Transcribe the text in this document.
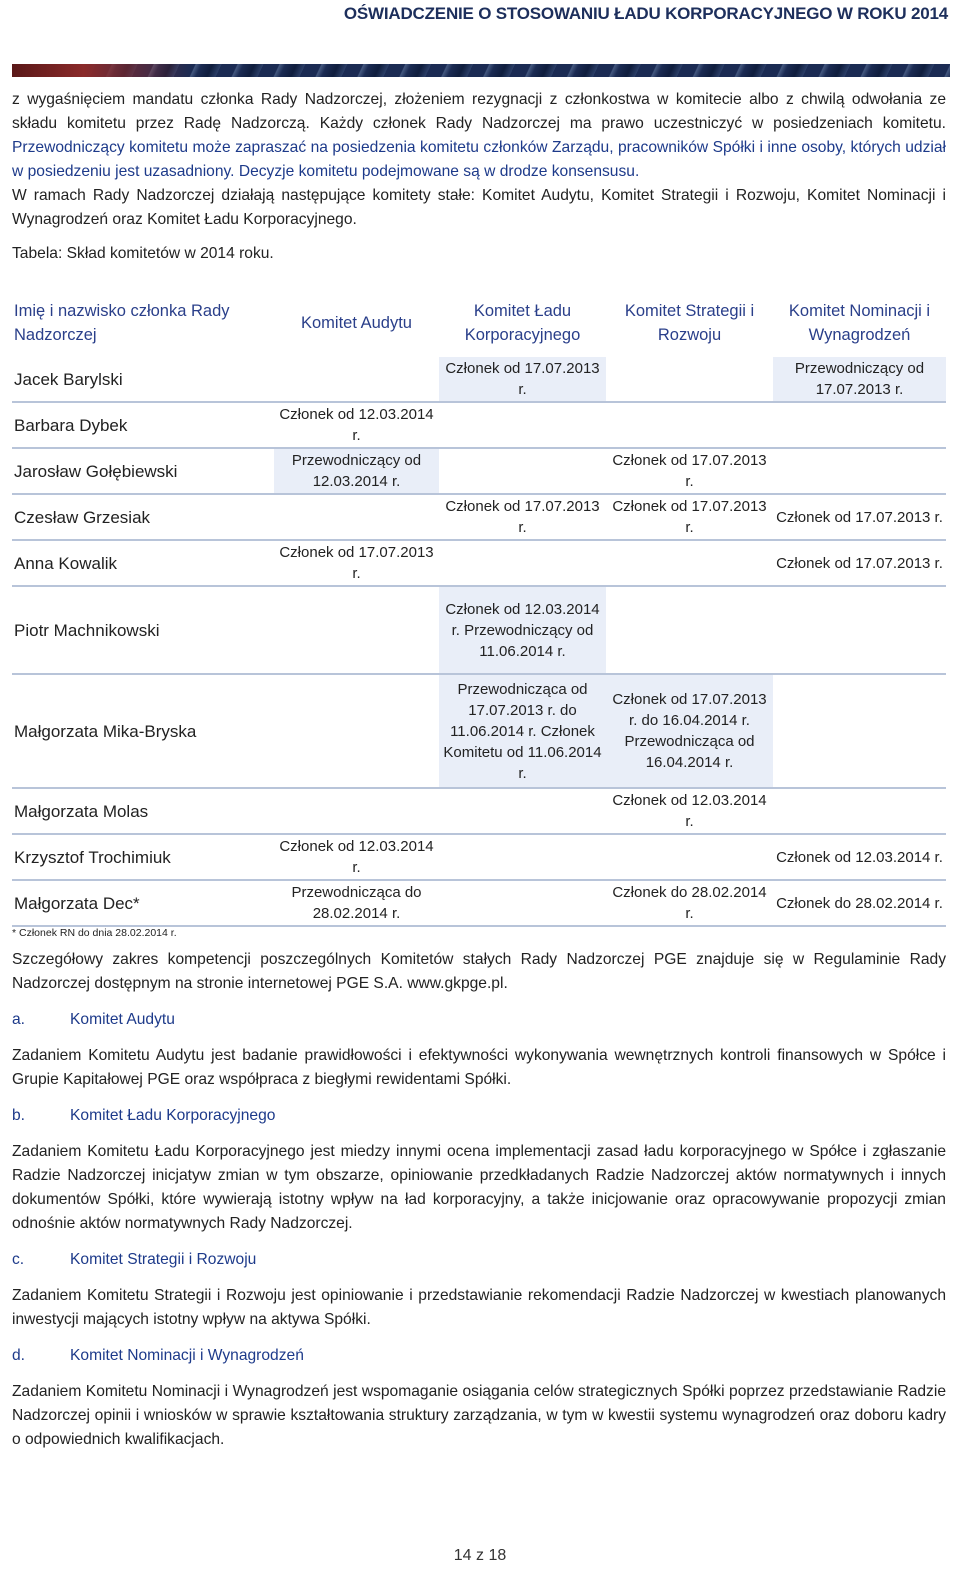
OŚWIADCZENIE O STOSOWANIU ŁADU KORPORACYJNEGO W ROKU 2014

z wygaśnięciem mandatu członka Rady Nadzorczej, złożeniem rezygnacji z członkostwa w komitecie albo z chwilą odwołania ze składu komitetu przez Radę Nadzorczą. Każdy członek Rady Nadzorczej ma prawo uczestniczyć w posiedzeniach komitetu. Przewodniczący komitetu może zapraszać na posiedzenia komitetu członków Zarządu, pracowników Spółki i inne osoby, których udział w posiedzeniu jest uzasadniony. Decyzje komitetu podejmowane są w drodze konsensusu.

W ramach Rady Nadzorczej działają następujące komitety stałe: Komitet Audytu, Komitet Strategii i Rozwoju, Komitet Nominacji i Wynagrodzeń oraz Komitet Ładu Korporacyjnego.

Tabela: Skład komitetów w 2014 roku.

Imię i nazwisko członka Rady Nadzorczej	Komitet Audytu	Komitet Ładu Korporacyjnego	Komitet Strategii i Rozwoju	Komitet Nominacji i Wynagrodzeń
Jacek Barylski		Członek od 17.07.2013 r.		Przewodniczący od 17.07.2013 r.
Barbara Dybek	Członek od 12.03.2014 r.			
Jarosław Gołębiewski	Przewodniczący od 12.03.2014 r.		Członek od 17.07.2013 r.	
Czesław Grzesiak		Członek od 17.07.2013 r.	Członek od 17.07.2013 r.	Członek od 17.07.2013 r.
Anna Kowalik	Członek od 17.07.2013 r.			Członek od 17.07.2013 r.
Piotr Machnikowski		Członek od 12.03.2014 r. Przewodniczący od 11.06.2014 r.		
Małgorzata Mika-Bryska		Przewodnicząca od 17.07.2013 r. do 11.06.2014 r. Członek Komitetu od 11.06.2014 r.	Członek od 17.07.2013 r. do 16.04.2014 r. Przewodnicząca od 16.04.2014 r.	
Małgorzata Molas			Członek od 12.03.2014 r.	
Krzysztof Trochimiuk	Członek od 12.03.2014 r.			Członek od 12.03.2014 r.
Małgorzata Dec*	Przewodnicząca do 28.02.2014 r.		Członek do 28.02.2014 r.	Członek do 28.02.2014 r.
* Członek RN do dnia 28.02.2014 r.

Szczegółowy zakres kompetencji poszczególnych Komitetów stałych Rady Nadzorczej PGE znajduje się w Regulaminie Rady Nadzorczej dostępnym na stronie internetowej PGE S.A. www.gkpge.pl.

a.	Komitet Audytu

Zadaniem Komitetu Audytu jest badanie prawidłowości i efektywności wykonywania wewnętrznych kontroli finansowych w Spółce i Grupie Kapitałowej PGE oraz współpraca z biegłymi rewidentami Spółki.

b.	Komitet Ładu Korporacyjnego

Zadaniem Komitetu Ładu Korporacyjnego jest miedzy innymi ocena implementacji zasad ładu korporacyjnego w Spółce i zgłaszanie Radzie Nadzorczej inicjatyw zmian w tym obszarze, opiniowanie przedkładanych Radzie Nadzorczej aktów normatywnych i innych dokumentów Spółki, które wywierają istotny wpływ na ład korporacyjny, a także inicjowanie oraz opracowywanie propozycji zmian odnośnie aktów normatywnych Rady Nadzorczej.

c.	Komitet Strategii i Rozwoju

Zadaniem Komitetu Strategii i Rozwoju jest opiniowanie i przedstawianie rekomendacji Radzie Nadzorczej w kwestiach planowanych inwestycji mających istotny wpływ na aktywa Spółki.

d.	Komitet Nominacji i Wynagrodzeń

Zadaniem Komitetu Nominacji i Wynagrodzeń jest wspomaganie osiągania celów strategicznych Spółki poprzez przedstawianie Radzie Nadzorczej opinii i wniosków w sprawie kształtowania struktury zarządzania, w tym w kwestii systemu wynagrodzeń oraz doboru kadry o odpowiednich kwalifikacjach.

14 z 18
